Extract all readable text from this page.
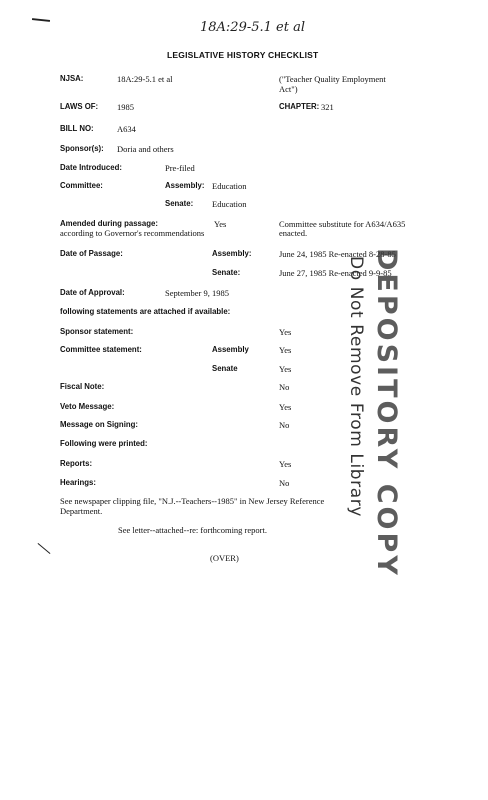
18A:29-5.1 et al
LEGISLATIVE HISTORY CHECKLIST
NJSA:	18A:29-5.1 et al	("Teacher Quality Employment
Act")
LAWS OF: 1985	CHAPTER: 321
BILL NO:	A634
Sponsor(s): Doria and others
Date Introduced:	Pre-filed
Committee:	Assembly: Education
Senate: Education
Amended during passage:	Yes
according to Governor's recommendations
Committee substitute for A634/A635
enacted.
Date of Passage:	Assembly:	June 24, 1985 Re-enacted 8-28-85
Senate:	June 27, 1985 Re-enacted 9-9-85
Date of Approval:	September 9, 1985
following statements are attached if available:
Sponsor statement:	Yes
Committee statement:	Assembly	Yes
Senate	Yes
Fiscal Note:	No
Veto Message:	Yes
Message on Signing:	No
Following were printed:
Reports:	Yes
Hearings:	No
See newspaper clipping file, "N.J.--Teachers--1985" in New Jersey Reference
Department.
See letter--attached--re: forthcoming report.
(OVER)	DEPOSITORY COPY
Do Not Remove From Library
